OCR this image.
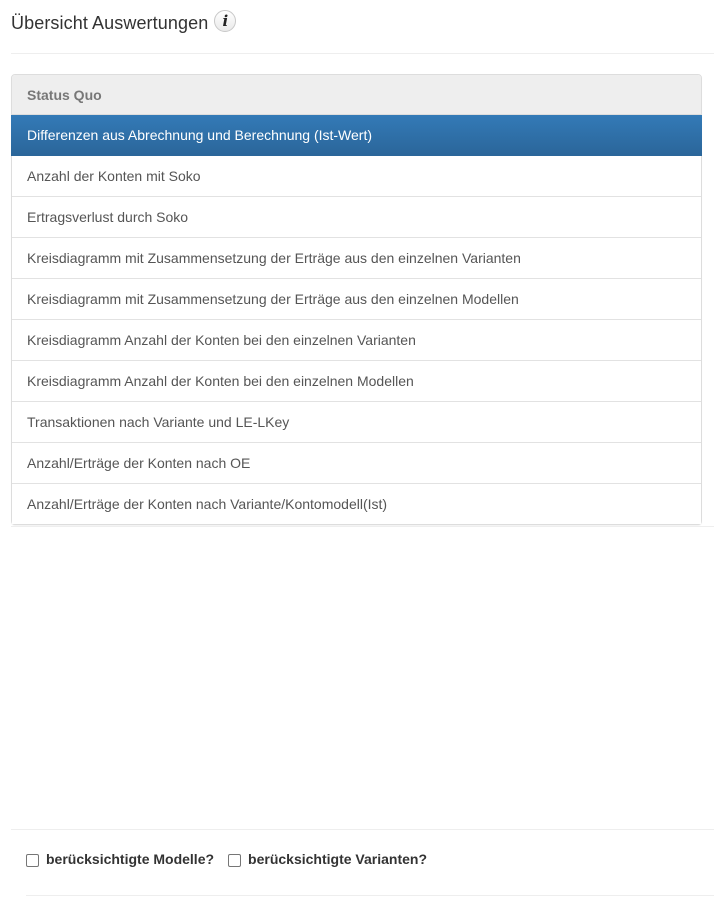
Übersicht Auswertungen i
Status Quo
Differenzen aus Abrechnung und Berechnung (Ist-Wert)
Anzahl der Konten mit Soko
Ertragsverlust durch Soko
Kreisdiagramm mit Zusammensetzung der Erträge aus den einzelnen Varianten
Kreisdiagramm mit Zusammensetzung der Erträge aus den einzelnen Modellen
Kreisdiagramm Anzahl der Konten bei den einzelnen Varianten
Kreisdiagramm Anzahl der Konten bei den einzelnen Modellen
Transaktionen nach Variante und LE-LKey
Anzahl/Erträge der Konten nach OE
Anzahl/Erträge der Konten nach Variante/Kontomodell(Ist)
berücksichtigte Modelle? berücksichtigte Varianten?
